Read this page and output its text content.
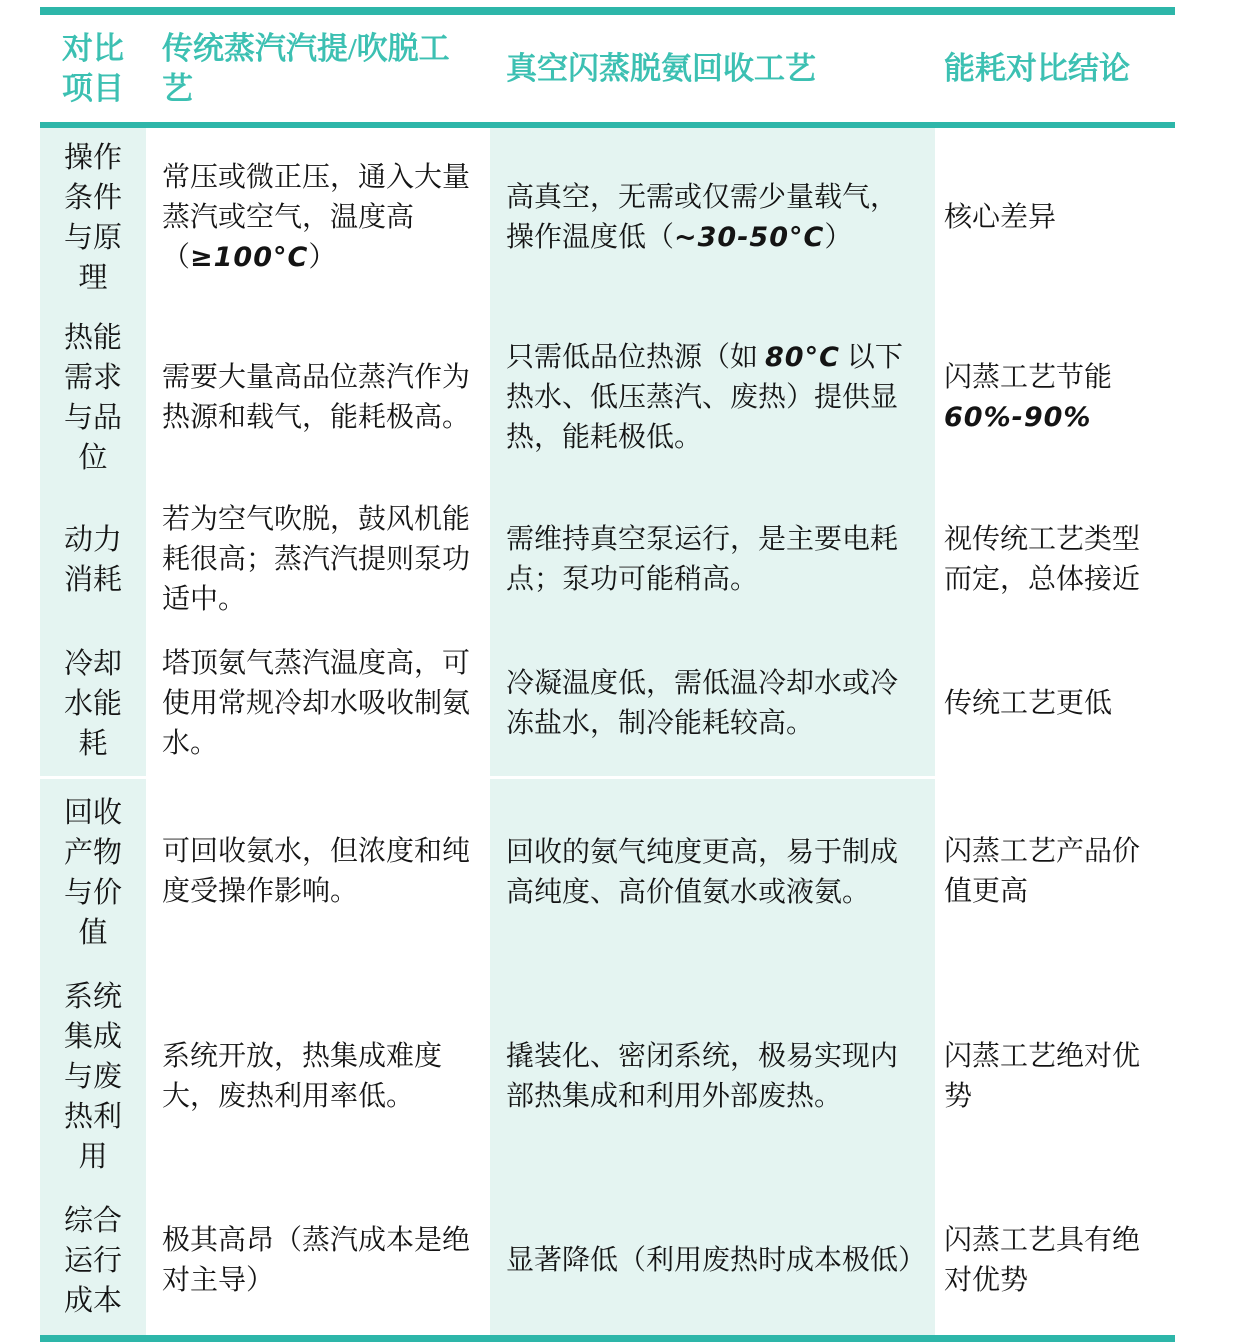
对比项目
传统蒸汽汽提/吹脱工艺
真空闪蒸脱氨回收工艺	能耗对比结论
操作条件与原理
常压或微正压，通入大量蒸汽或空气，温度高（≥100°C）
高真空，无需或仅需少量载气，操作温度低（~30-50°C）
核心差异
热能需求与品位
需要大量高品位蒸汽作为热源和载气，能耗极高。
只需低品位热源（如 80°C 以下热水、低压蒸汽、废热）提供显热，能耗极低。
闪蒸工艺节能 60%-90%
动力消耗
若为空气吹脱，鼓风机能耗很高；蒸汽汽提则泵功适中。
需维持真空泵运行，是主要电耗点；泵功可能稍高。
视传统工艺类型而定，总体接近
冷却水能耗
塔顶氨气蒸汽温度高，可使用常规冷却水吸收制氨水。
冷凝温度低，需低温冷却水或冷冻盐水，制冷能耗较高。
传统工艺更低
回收产物与价值
可回收氨水，但浓度和纯度受操作影响。
回收的氨气纯度更高，易于制成高纯度、高价值氨水或液氨。
闪蒸工艺产品价值更高
系统集成与废热利用
系统开放，热集成难度大，废热利用率低。
撬装化、密闭系统，极易实现内部热集成和利用外部废热。
闪蒸工艺绝对优势
综合运行成本
极其高昂（蒸汽成本是绝对主导）
显著降低（利用废热时成本极低）
闪蒸工艺具有绝对优势
